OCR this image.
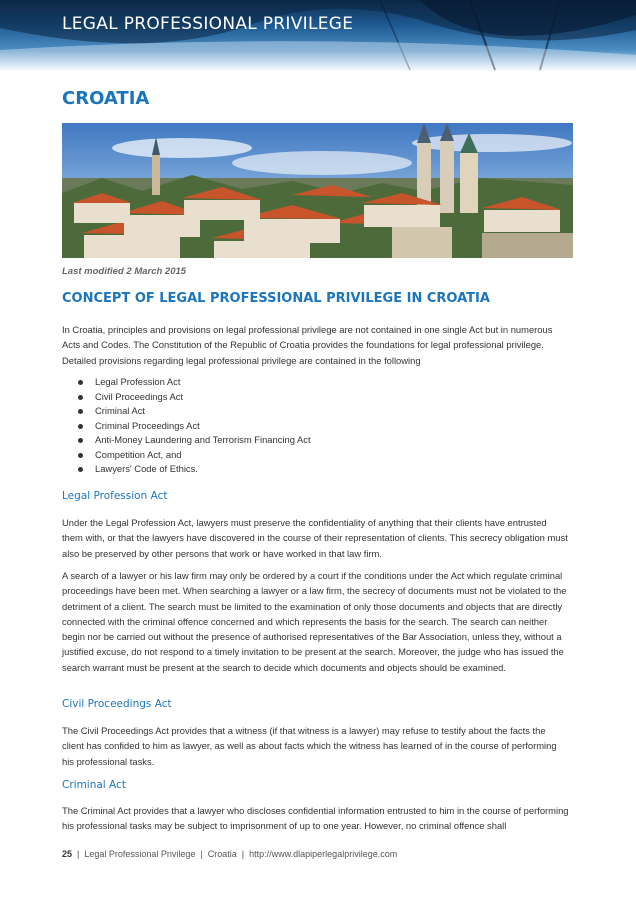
LEGAL PROFESSIONAL PRIVILEGE
CROATIA
Last modified 2 March 2015
CONCEPT OF LEGAL PROFESSIONAL PRIVILEGE IN CROATIA

In Croatia, principles and provisions on legal professional privilege are not contained in one single Act but in numerous Acts and Codes. The Constitution of the Republic of Croatia provides the foundations for legal professional privilege. Detailed provisions regarding legal professional privilege are contained in the following

Legal Profession Act
Civil Proceedings Act
Criminal Act
Criminal Proceedings Act
Anti-Money Laundering and Terrorism Financing Act
Competition Act, and
Lawyers' Code of Ethics.
Legal Profession Act

Under the Legal Profession Act, lawyers must preserve the confidentiality of anything that their clients have entrusted them with, or that the lawyers have discovered in the course of their representation of clients. This secrecy obligation must also be preserved by other persons that work or have worked in that law firm.

A search of a lawyer or his law firm may only be ordered by a court if the conditions under the Act which regulate criminal proceedings have been met. When searching a lawyer or a law firm, the secrecy of documents must not be violated to the detriment of a client. The search must be limited to the examination of only those documents and objects that are directly connected with the criminal offence concerned and which represents the basis for the search. The search can neither begin nor be carried out without the presence of authorised representatives of the Bar Association, unless they, without a justified excuse, do not respond to a timely invitation to be present at the search. Moreover, the judge who has issued the search warrant must be present at the search to decide which documents and objects should be examined.

Civil Proceedings Act

The Civil Proceedings Act provides that a witness (if that witness is a lawyer) may refuse to testify about the facts the client has confided to him as lawyer, as well as about facts which the witness has learned of in the course of performing his professional tasks.

Criminal Act

The Criminal Act provides that a lawyer who discloses confidential information entrusted to him in the course of performing his professional tasks may be subject to imprisonment of up to one year. However, no criminal offence shall

25 | Legal Professional Privilege | Croatia | http://www.dlapiperlegalprivilege.com
